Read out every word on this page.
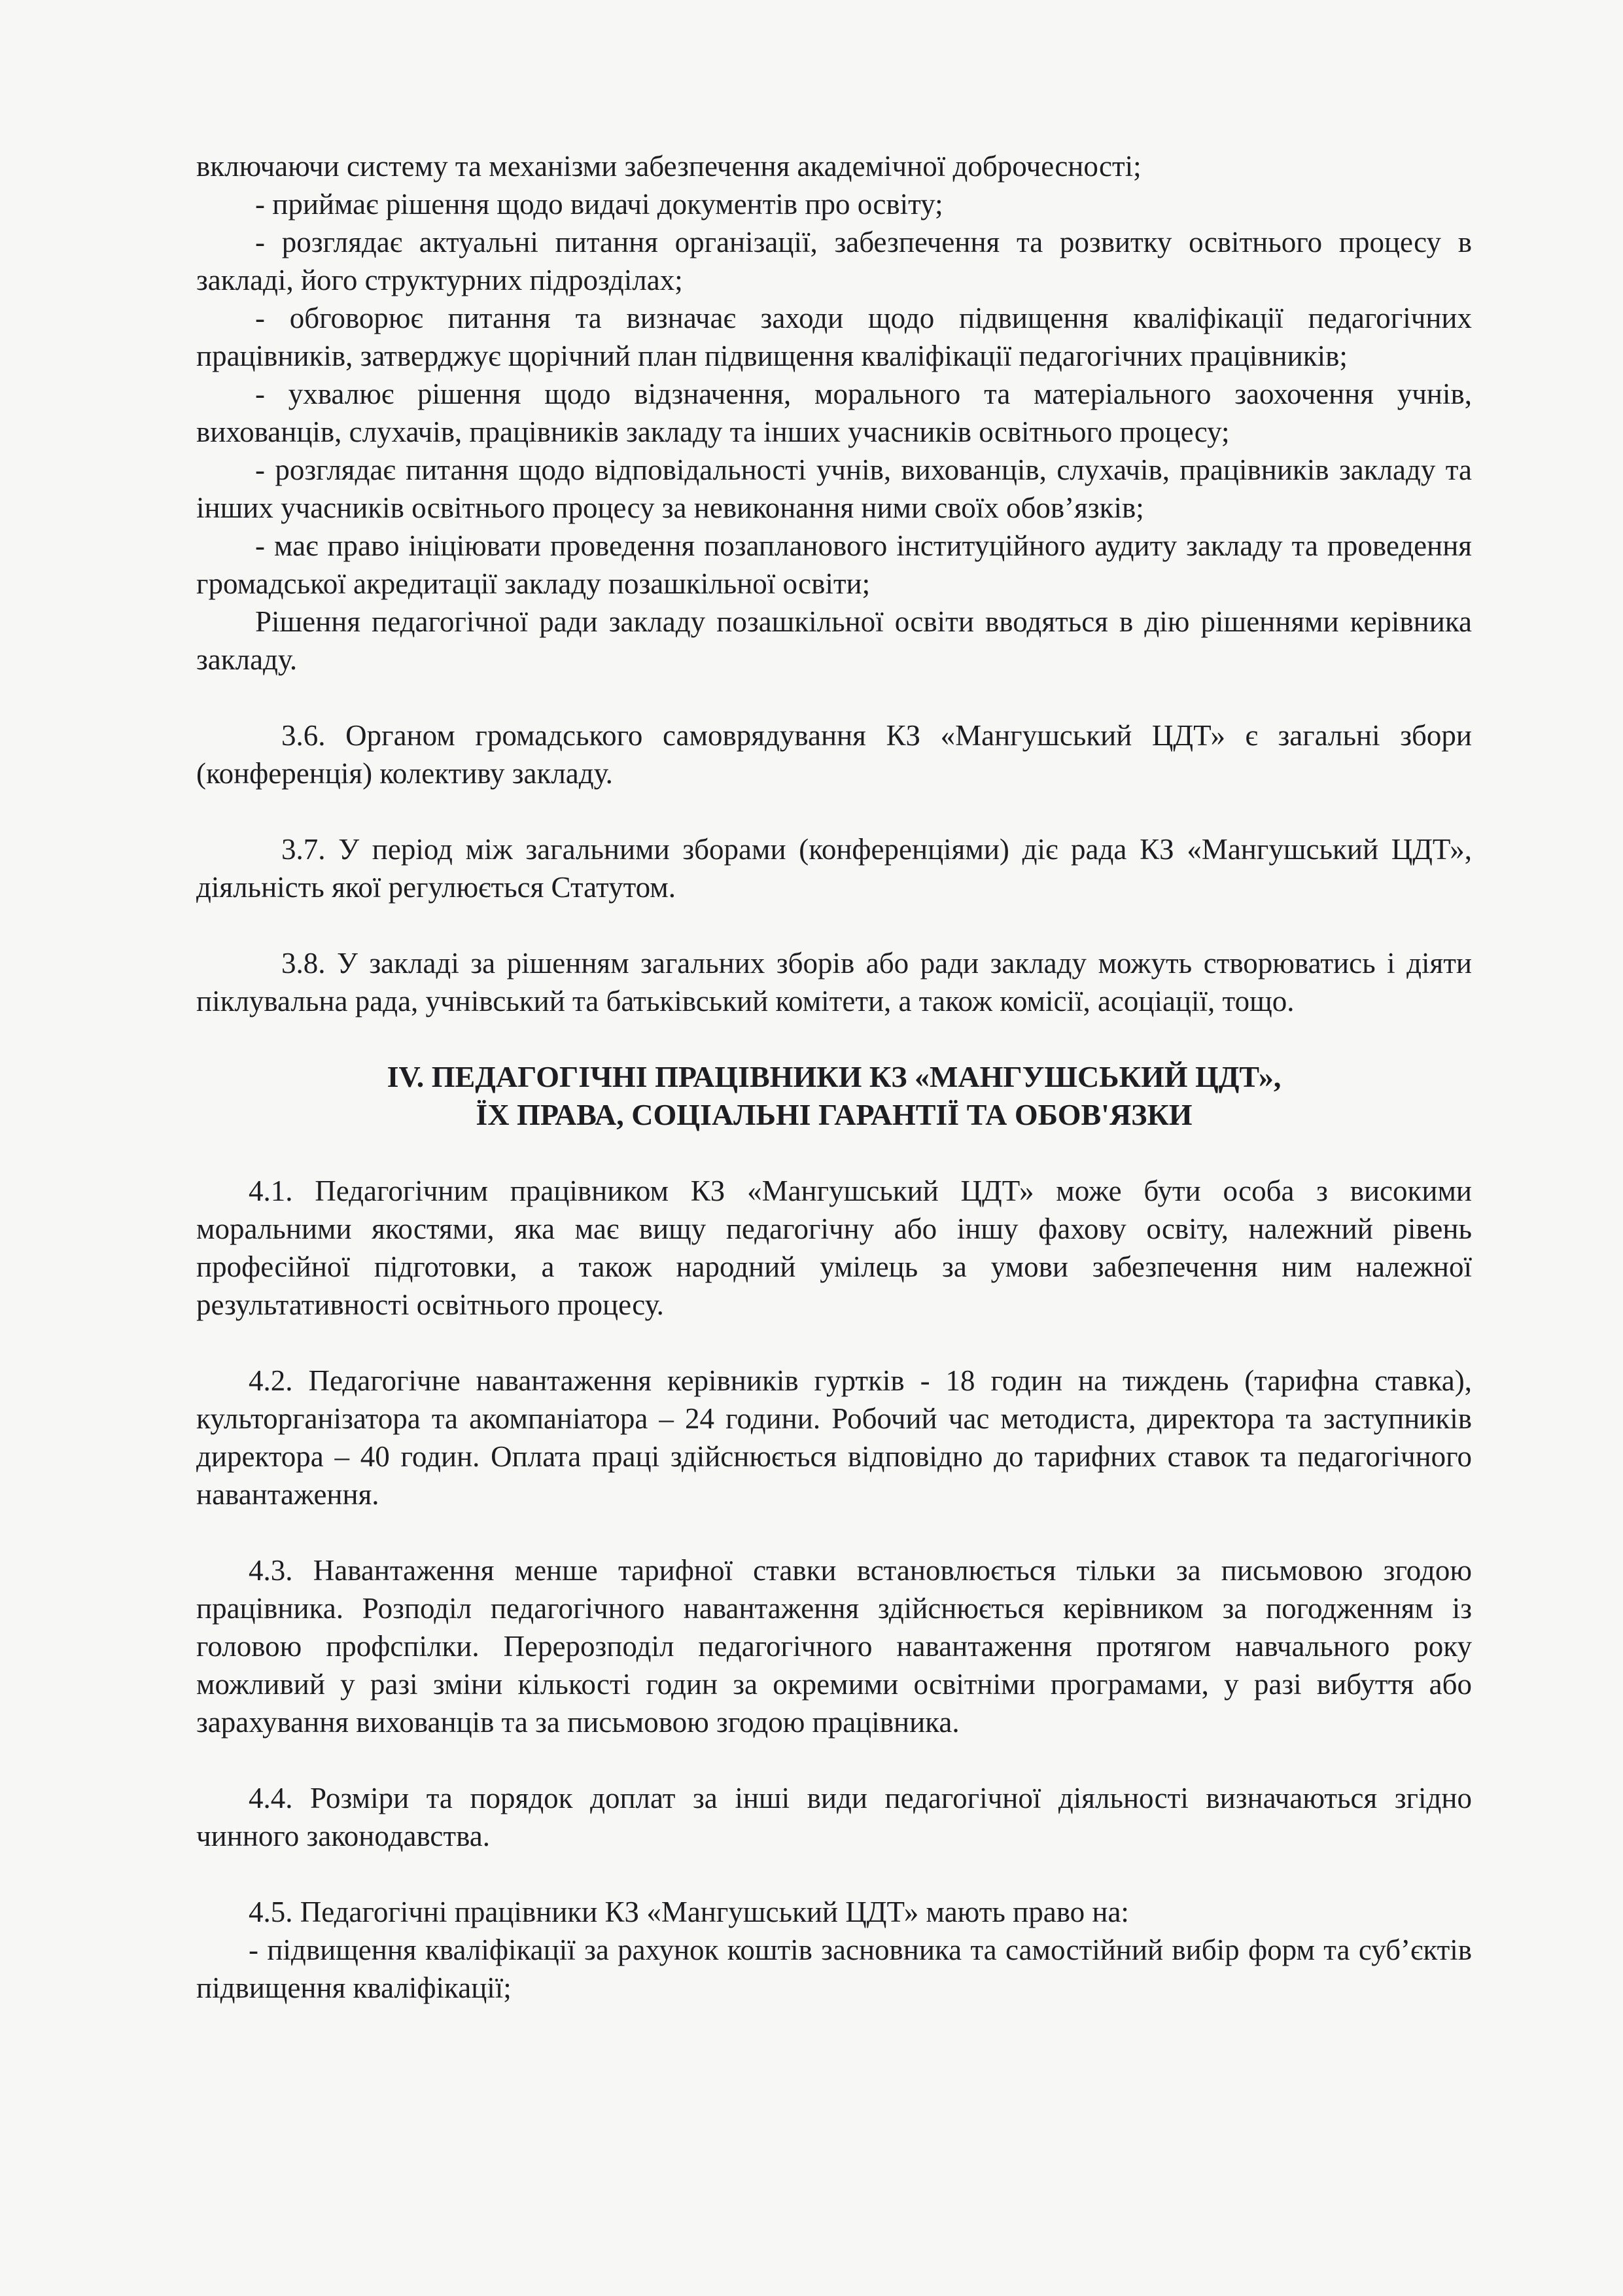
включаючи систему та механізми забезпечення академічної доброчесності;

- приймає рішення щодо видачі документів про освіту;

- розглядає актуальні питання організації, забезпечення та розвитку освітнього процесу в закладі, його структурних підрозділах;

- обговорює питання та визначає заходи щодо підвищення кваліфікації педагогічних працівників, затверджує щорічний план підвищення кваліфікації педагогічних працівників;

- ухвалює рішення щодо відзначення, морального та матеріального заохочення учнів, вихованців, слухачів, працівників закладу та інших учасників освітнього процесу;

- розглядає питання щодо відповідальності учнів, вихованців, слухачів, працівників закладу та інших учасників освітнього процесу за невиконання ними своїх обов’язків;

- має право ініціювати проведення позапланового інституційного аудиту закладу та проведення громадської акредитації закладу позашкільної освіти;

Рішення педагогічної ради закладу позашкільної освіти вводяться в дію рішеннями керівника закладу.

3.6. Органом громадського самоврядування КЗ «Мангушський ЦДТ» є загальні збори (конференція) колективу закладу.

3.7. У період між загальними зборами (конференціями) діє рада КЗ «Мангушський ЦДТ», діяльність якої регулюється Статутом.

3.8. У закладі за рішенням загальних зборів або ради закладу можуть створюватись і діяти піклувальна рада, учнівський та батьківський комітети, а також комісії, асоціації, тощо.

IV. ПЕДАГОГІЧНІ ПРАЦІВНИКИ КЗ «МАНГУШСЬКИЙ ЦДТ»,

ЇХ ПРАВА, СОЦІАЛЬНІ ГАРАНТІЇ ТА ОБОВ'ЯЗКИ

4.1. Педагогічним працівником КЗ «Мангушський ЦДТ» може бути особа з високими моральними якостями, яка має вищу педагогічну або іншу фахову освіту, належний рівень професійної підготовки, а також народний умілець за умови забезпечення ним належної результативності освітнього процесу.

4.2. Педагогічне навантаження керівників гуртків - 18 годин на тиждень (тарифна ставка), культорганізатора та акомпаніатора – 24 години. Робочий час методиста, директора та заступників директора – 40 годин. Оплата праці здійснюється відповідно до тарифних ставок та педагогічного навантаження.

4.3. Навантаження менше тарифної ставки встановлюється тільки за письмовою згодою працівника. Розподіл педагогічного навантаження здійснюється керівником за погодженням із головою профспілки. Перерозподіл педагогічного навантаження протягом навчального року можливий у разі зміни кількості годин за окремими освітніми програмами, у разі вибуття або зарахування вихованців та за письмовою згодою працівника.

4.4. Розміри та порядок доплат за інші види педагогічної діяльності визначаються згідно чинного законодавства.

4.5. Педагогічні працівники КЗ «Мангушський ЦДТ» мають право на:

- підвищення кваліфікації за рахунок коштів засновника та самостійний вибір форм та суб’єктів підвищення кваліфікації;
